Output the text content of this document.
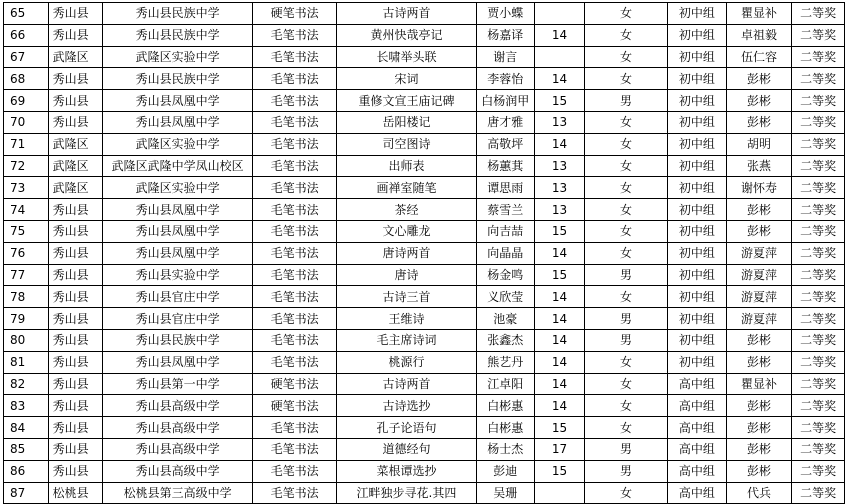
65	秀山县	秀山县民族中学	硬笔书法	古诗两首	贾小蝶		女	初中组	瞿显补	二等奖
66	秀山县	秀山县民族中学	毛笔书法	黄州快哉亭记	杨嘉译	14	女	初中组	卓祖毅	二等奖
67	武隆区	武隆区实验中学	毛笔书法	长啸举头联	谢言		女	初中组	伍仁容	二等奖
68	秀山县	秀山县民族中学	毛笔书法	宋词	李蓉怡	14	女	初中组	彭彬	二等奖
69	秀山县	秀山县凤凰中学	毛笔书法	重修文宣王庙记碑	白杨润甲	15	男	初中组	彭彬	二等奖
70	秀山县	秀山县凤凰中学	毛笔书法	岳阳楼记	唐才雅	13	女	初中组	彭彬	二等奖
71	武隆区	武隆区实验中学	毛笔书法	司空图诗	高敬坪	14	女	初中组	胡明	二等奖
72	武隆区	武隆区武隆中学凤山校区	毛笔书法	出师表	杨蕙萁	13	女	初中组	张燕	二等奖
73	武隆区	武隆区实验中学	毛笔书法	画禅室随笔	谭思雨	13	女	初中组	谢怀寿	二等奖
74	秀山县	秀山县凤凰中学	毛笔书法	茶经	蔡雪兰	13	女	初中组	彭彬	二等奖
75	秀山县	秀山县凤凰中学	毛笔书法	文心雕龙	向吉喆	15	女	初中组	彭彬	二等奖
76	秀山县	秀山县凤凰中学	毛笔书法	唐诗两首	向晶晶	14	女	初中组	游夏萍	二等奖
77	秀山县	秀山县实验中学	毛笔书法	唐诗	杨金鸣	15	男	初中组	游夏萍	二等奖
78	秀山县	秀山县官庄中学	毛笔书法	古诗三首	义欣莹	14	女	初中组	游夏萍	二等奖
79	秀山县	秀山县官庄中学	毛笔书法	王维诗	池豪	14	男	初中组	游夏萍	二等奖
80	秀山县	秀山县民族中学	毛笔书法	毛主席诗词	张鑫杰	14	男	初中组	彭彬	二等奖
81	秀山县	秀山县凤凰中学	毛笔书法	桃源行	熊艺丹	14	女	初中组	彭彬	二等奖
82	秀山县	秀山县第一中学	硬笔书法	古诗两首	江卓阳	14	女	高中组	瞿显补	二等奖
83	秀山县	秀山县高级中学	硬笔书法	古诗选抄	白彬惠	14	女	高中组	彭彬	二等奖
84	秀山县	秀山县高级中学	毛笔书法	孔子论语句	白彬惠	15	女	高中组	彭彬	二等奖
85	秀山县	秀山县高级中学	毛笔书法	道德经句	杨士杰	17	男	高中组	彭彬	二等奖
86	秀山县	秀山县高级中学	毛笔书法	菜根谭选抄	彭迪	15	男	高中组	彭彬	二等奖
87	松桃县	松桃县第三高级中学	毛笔书法	江畔独步寻花.其四	吴珊		女	高中组	代兵	二等奖
